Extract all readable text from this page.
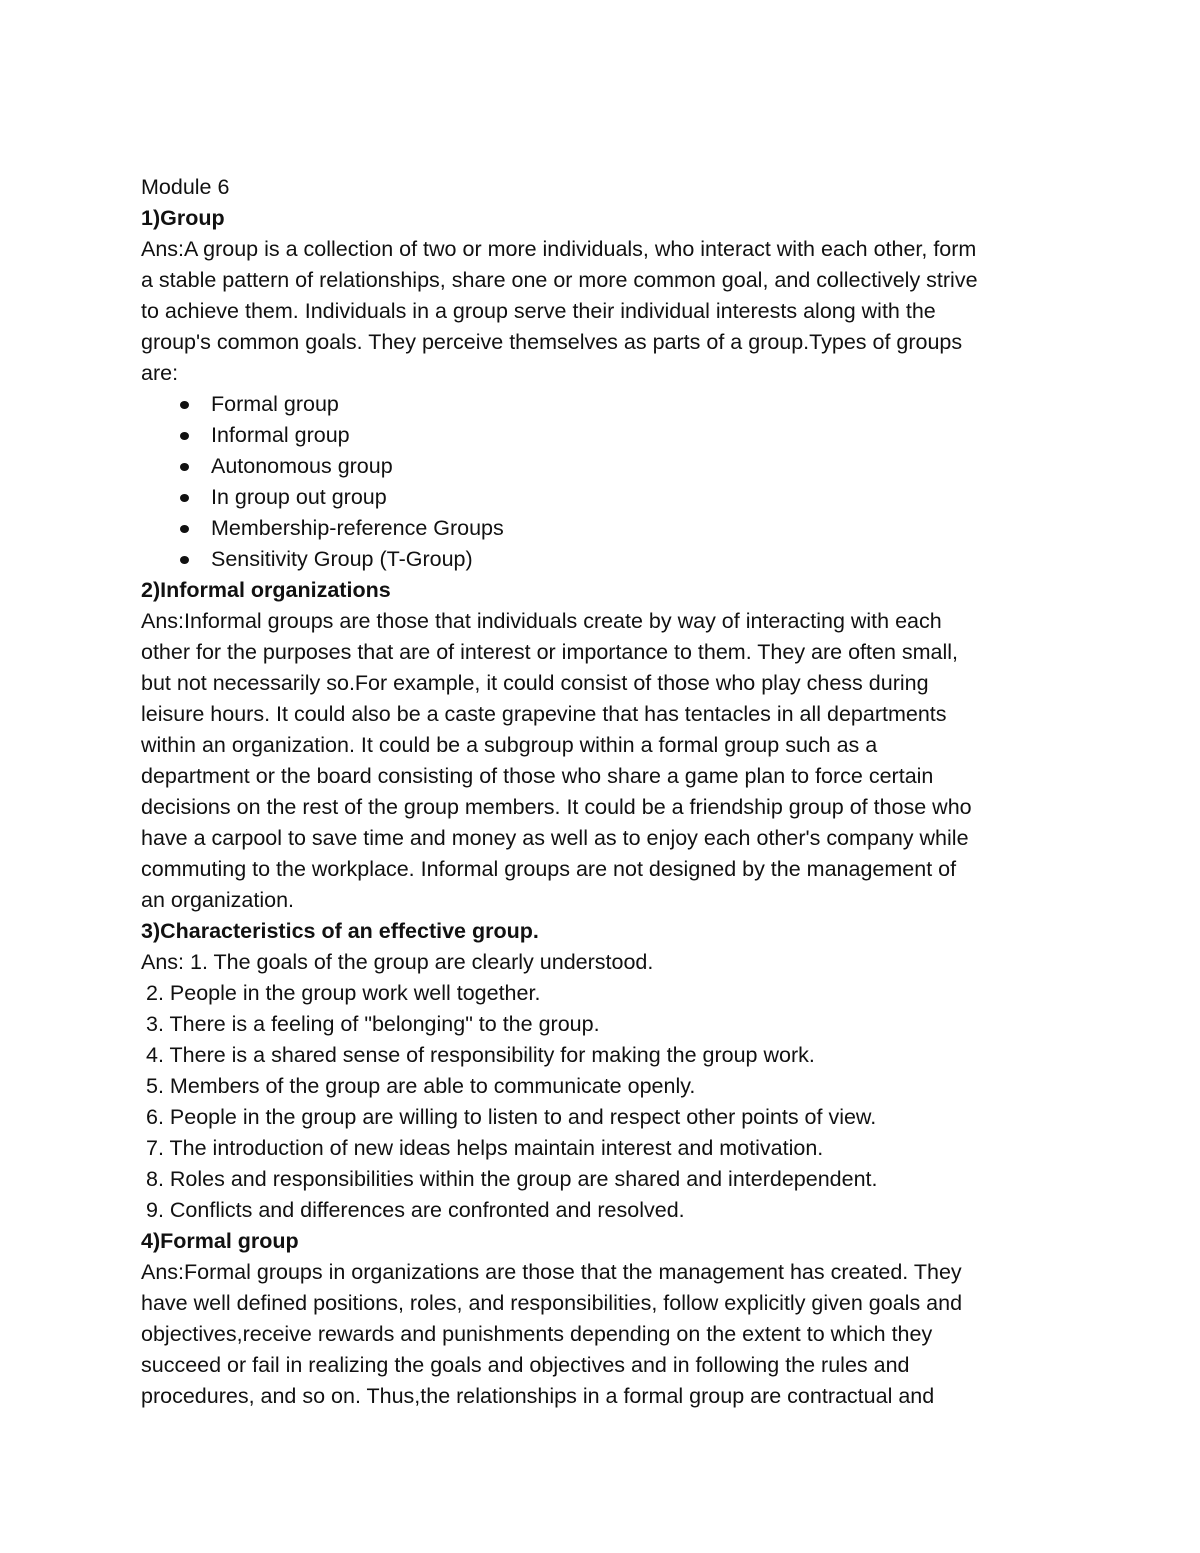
Module 6
1)Group
Ans:A group is a collection of two or more individuals, who interact with each other, form
a stable pattern of relationships, share one or more common goal, and collectively strive
to achieve them. Individuals in a group serve their individual interests along with the
group's common goals. They perceive themselves as parts of a group.Types of groups
are:
Formal group
Informal group
Autonomous group
In group out group
Membership-reference Groups
Sensitivity Group (T-Group)
2)Informal organizations
Ans:Informal groups are those that individuals create by way of interacting with each
other for the purposes that are of interest or importance to them. They are often small,
but not necessarily so.For example, it could consist of those who play chess during
leisure hours. It could also be a caste grapevine that has tentacles in all departments
within an organization. It could be a subgroup within a formal group such as a
department or the board consisting of those who share a game plan to force certain
decisions on the rest of the group members. It could be a friendship group of those who
have a carpool to save time and money as well as to enjoy each other's company while
commuting to the workplace. Informal groups are not designed by the management of
an organization.
3)Characteristics of an effective group.
Ans: 1. The goals of the group are clearly understood.
2. People in the group work well together.
3. There is a feeling of "belonging" to the group.
4. There is a shared sense of responsibility for making the group work.
5. Members of the group are able to communicate openly.
6. People in the group are willing to listen to and respect other points of view.
7. The introduction of new ideas helps maintain interest and motivation.
8. Roles and responsibilities within the group are shared and interdependent.
9. Conflicts and differences are confronted and resolved.
4)Formal group
Ans:Formal groups in organizations are those that the management has created. They
have well defined positions, roles, and responsibilities, follow explicitly given goals and
objectives,receive rewards and punishments depending on the extent to which they
succeed or fail in realizing the goals and objectives and in following the rules and
procedures, and so on. Thus,the relationships in a formal group are contractual and
